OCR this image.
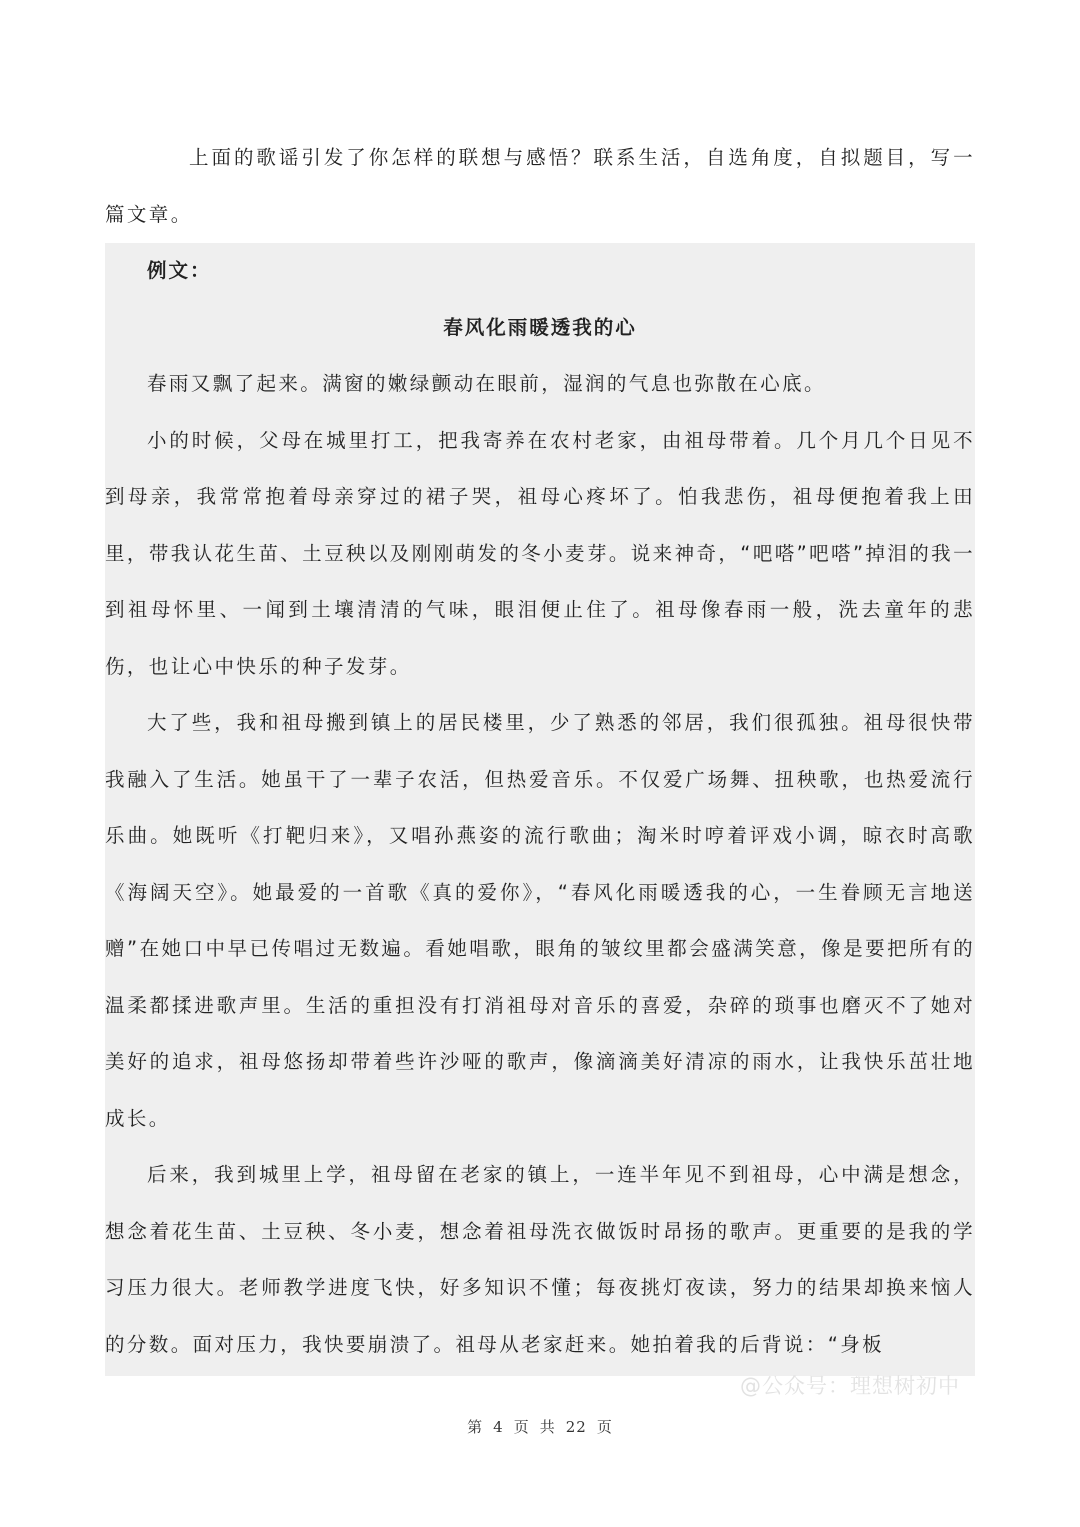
上面的歌谣引发了你怎样的联想与感悟？联系生活，自选角度，自拟题目，写一篇文章。

例文：

春风化雨暖透我的心

春雨又飘了起来。满窗的嫩绿颤动在眼前，湿润的气息也弥散在心底。

小的时候，父母在城里打工，把我寄养在农村老家，由祖母带着。几个月几个日见不到母亲，我常常抱着母亲穿过的裙子哭，祖母心疼坏了。怕我悲伤，祖母便抱着我上田里，带我认花生苗、土豆秧以及刚刚萌发的冬小麦芽。说来神奇，“吧嗒”吧嗒”掉泪的我一到祖母怀里、一闻到土壤清清的气味，眼泪便止住了。祖母像春雨一般，洗去童年的悲伤，也让心中快乐的种子发芽。

大了些，我和祖母搬到镇上的居民楼里，少了熟悉的邻居，我们很孤独。祖母很快带我融入了生活。她虽干了一辈子农活，但热爱音乐。不仅爱广场舞、扭秧歌，也热爱流行乐曲。她既听《打靶归来》，又唱孙燕姿的流行歌曲；淘米时哼着评戏小调，晾衣时高歌《海阔天空》。她最爱的一首歌《真的爱你》，“春风化雨暖透我的心，一生眷顾无言地送赠”在她口中早已传唱过无数遍。看她唱歌，眼角的皱纹里都会盛满笑意，像是要把所有的温柔都揉进歌声里。生活的重担没有打消祖母对音乐的喜爱，杂碎的琐事也磨灭不了她对美好的追求，祖母悠扬却带着些许沙哑的歌声，像滴滴美好清凉的雨水，让我快乐茁壮地成长。

后来，我到城里上学，祖母留在老家的镇上，一连半年见不到祖母，心中满是想念，想念着花生苗、土豆秧、冬小麦，想念着祖母洗衣做饭时昂扬的歌声。更重要的是我的学习压力很大。老师教学进度飞快，好多知识不懂；每夜挑灯夜读，努力的结果却换来恼人的分数。面对压力，我快要崩溃了。祖母从老家赶来。她拍着我的后背说：“身板

@公众号：理想树初中
第 4 页 共 22 页
